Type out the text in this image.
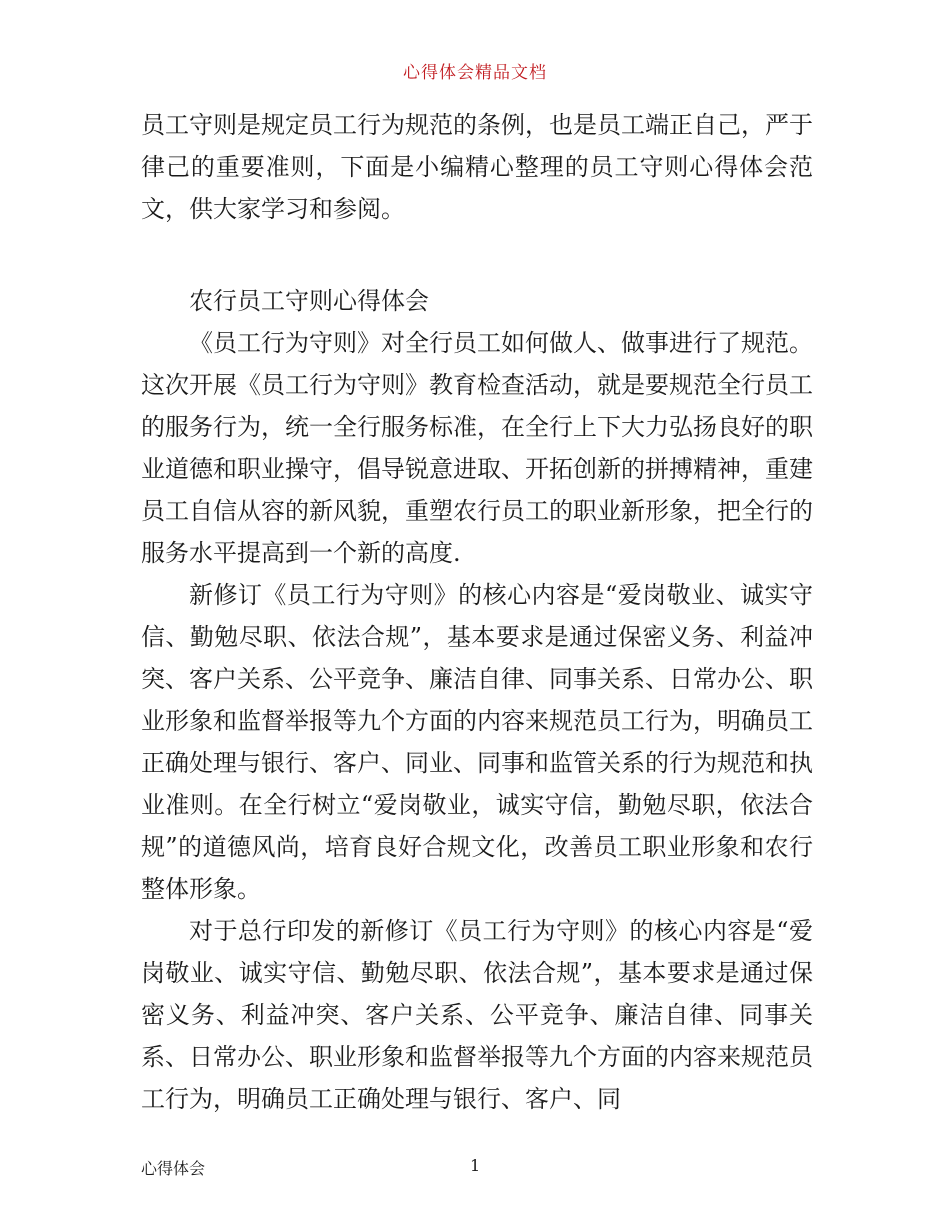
心得体会精品文档

员工守则是规定员工行为规范的条例，也是员工端正自己，严于律己的重要准则，下面是小编精心整理的员工守则心得体会范文，供大家学习和参阅。

农行员工守则心得体会

《员工行为守则》对全行员工如何做人、做事进行了规范。这次开展《员工行为守则》教育检查活动，就是要规范全行员工的服务行为，统一全行服务标准，在全行上下大力弘扬良好的职业道德和职业操守，倡导锐意进取、开拓创新的拼搏精神，重建员工自信从容的新风貌，重塑农行员工的职业新形象，把全行的服务水平提高到一个新的高度.

新修订《员工行为守则》的核心内容是“爱岗敬业、诚实守信、勤勉尽职、依法合规”，基本要求是通过保密义务、利益冲突、客户关系、公平竞争、廉洁自律、同事关系、日常办公、职业形象和监督举报等九个方面的内容来规范员工行为，明确员工正确处理与银行、客户、同业、同事和监管关系的行为规范和执业准则。在全行树立“爱岗敬业，诚实守信，勤勉尽职，依法合规”的道德风尚，培育良好合规文化，改善员工职业形象和农行整体形象。

对于总行印发的新修订《员工行为守则》的核心内容是“爱岗敬业、诚实守信、勤勉尽职、依法合规”，基本要求是通过保密义务、利益冲突、客户关系、公平竞争、廉洁自律、同事关系、日常办公、职业形象和监督举报等九个方面的内容来规范员工行为，明确员工正确处理与银行、客户、同

心得体会	1
